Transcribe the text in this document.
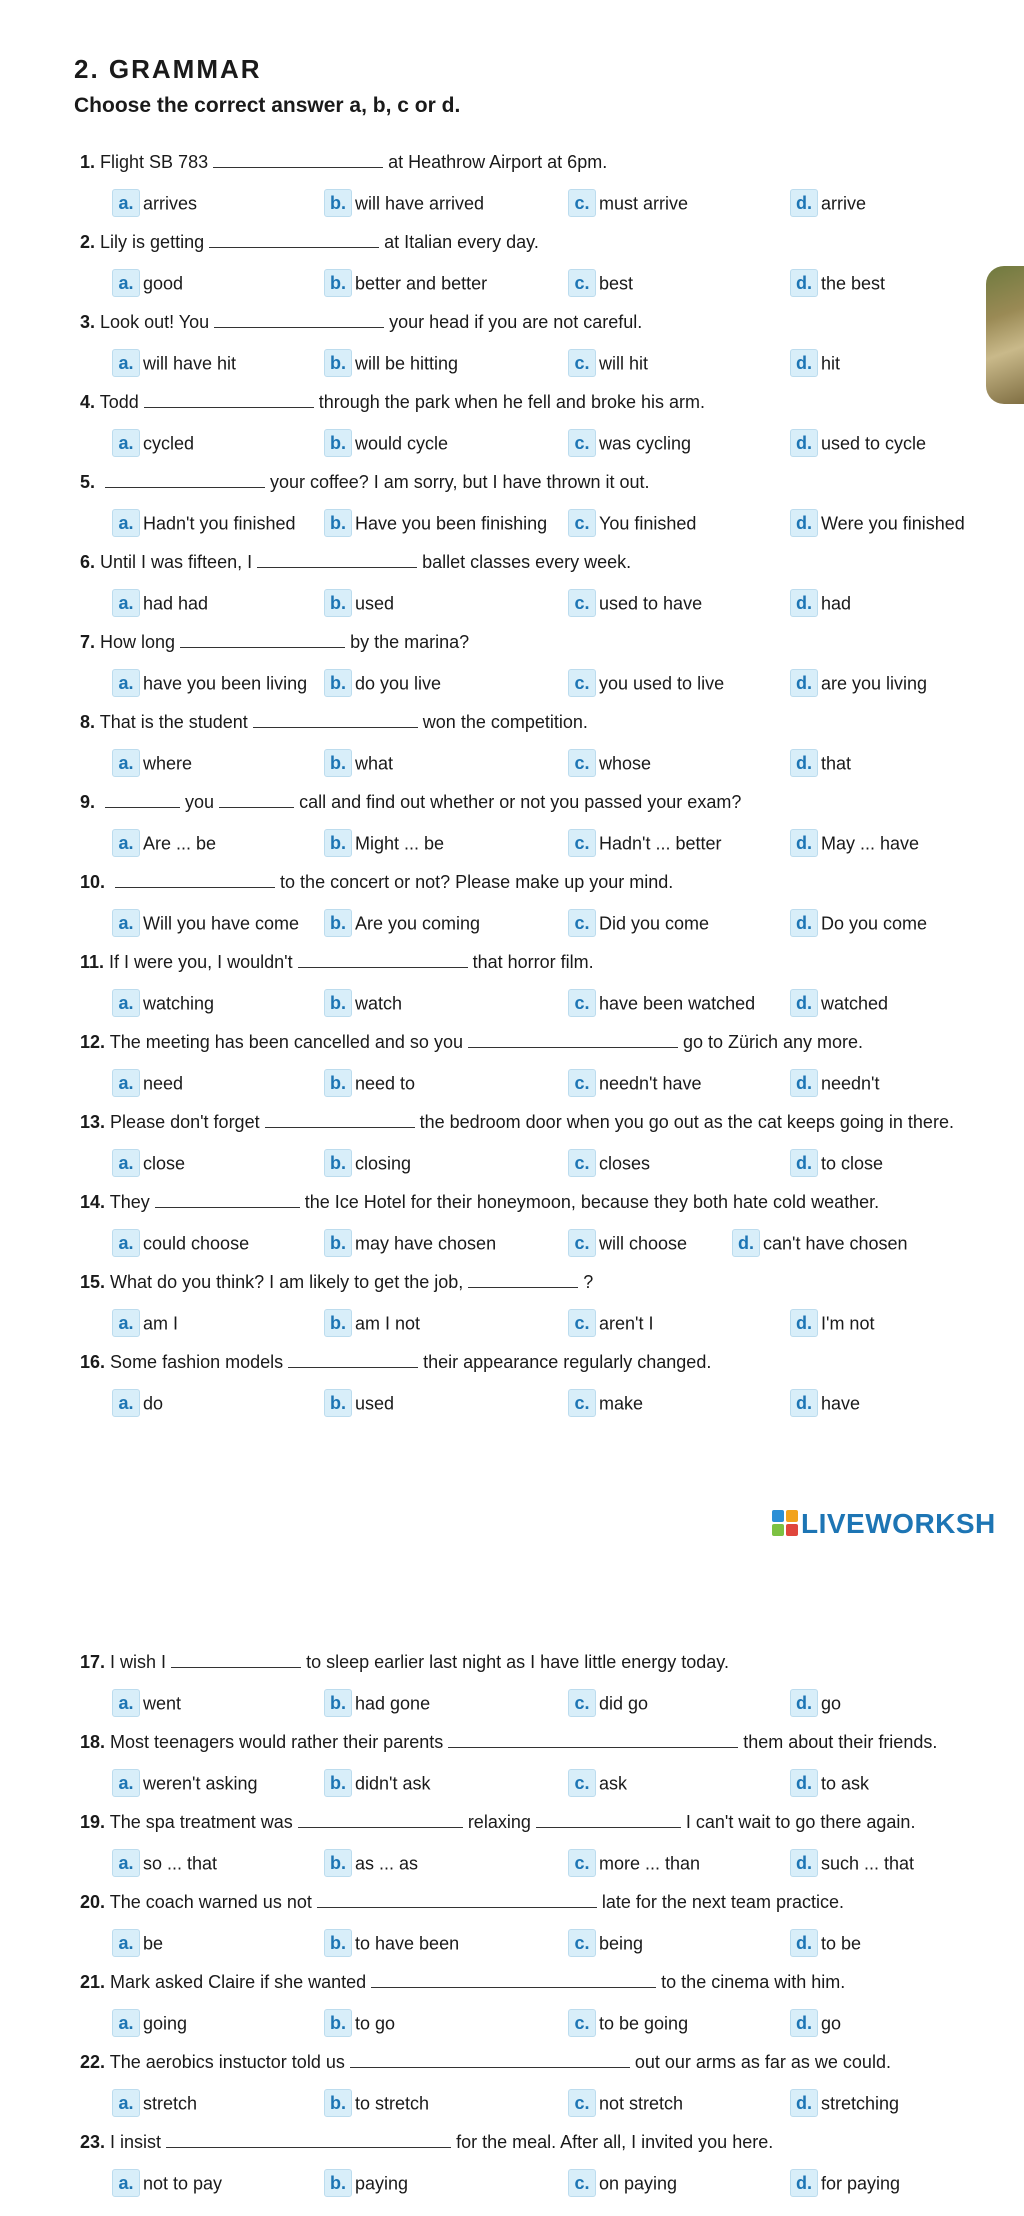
2. GRAMMAR

Choose the correct answer a, b, c or d.

1. Flight SB 783	at Heathrow Airport at 6pm.
a. arrives	b. will have arrived	c. must arrive	d. arrive
2. Lily is getting	at Italian every day.
a. good	b. better and better	c. best	d. the best
3. Look out! You	your head if you are not careful.
a. will have hit	b. will be hitting	c. will hit	d. hit
4. Todd	through the park when he fell and broke his arm.
a. cycled	b. would cycle	c. was cycling	d. used to cycle
5.	your coffee? I am sorry, but I have thrown it out.
a. Hadn't you finished	b. Have you been finishing	c. You finished	d. Were you finished
6. Until I was fifteen, I	ballet classes every week.
a. had had	b. used	c. used to have	d. had
7. How long	by the marina?
a. have you been living	b. do you live	c. you used to live	d. are you living
8. That is the student	won the competition.
a. where	b. what	c. whose	d. that
9.	you	call and find out whether or not you passed your exam?
a. Are ... be	b. Might ... be	c. Hadn't ... better	d. May ... have
10.	to the concert or not? Please make up your mind.
a. Will you have come	b. Are you coming	c. Did you come	d. Do you come
11. If I were you, I wouldn't	that horror film.
a. watching	b. watch	c. have been watched	d. watched
12. The meeting has been cancelled and so you	go to Zürich any more.
a. need	b. need to	c. needn't have	d. needn't
13. Please don't forget	the bedroom door when you go out as the cat keeps going in there.
a. close	b. closing	c. closes	d. to close
14. They	the Ice Hotel for their honeymoon, because they both hate cold weather.
a. could choose	b. may have chosen	c. will choose	d. can't have chosen
15. What do you think? I am likely to get the job,	?
a. am I	b. am I not	c. aren't I	d. I'm not
16. Some fashion models	their appearance regularly changed.
a. do	b. used	c. make	d. have
17. I wish I	to sleep earlier last night as I have little energy today.
a. went	b. had gone	c. did go	d. go
18. Most teenagers would rather their parents	them about their friends.
a. weren't asking	b. didn't ask	c. ask	d. to ask
19. The spa treatment was	relaxing	I can't wait to go there again.
a. so ... that	b. as ... as	c. more ... than	d. such ... that
20. The coach warned us not	late for the next team practice.
a. be	b. to have been	c. being	d. to be
21. Mark asked Claire if she wanted	to the cinema with him.
a. going	b. to go	c. to be going	d. go
22. The aerobics instuctor told us	out our arms as far as we could.
a. stretch	b. to stretch	c. not stretch	d. stretching
23. I insist	for the meal. After all, I invited you here.
a. not to pay	b. paying	c. on paying	d. for paying
LIVEWORKSH
